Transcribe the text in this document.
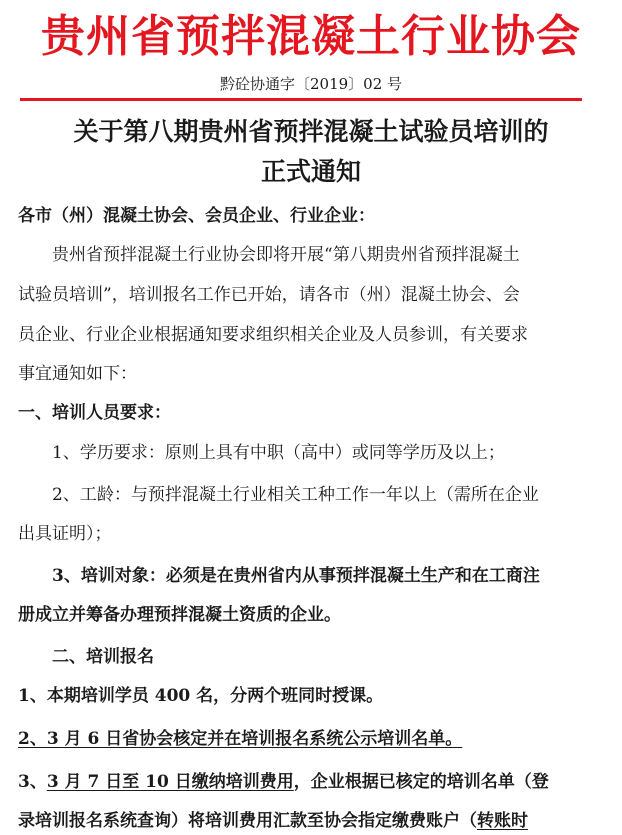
贵州省预拌混凝土行业协会
黔砼协通字〔2019〕02 号
关于第八期贵州省预拌混凝土试验员培训的
正式通知
各市（州）混凝土协会、会员企业、行业企业：
贵州省预拌混凝土行业协会即将开展“第八期贵州省预拌混凝土
试验员培训”，培训报名工作已开始，请各市（州）混凝土协会、会
员企业、行业企业根据通知要求组织相关企业及人员参训，有关要求
事宜通知如下：
一、培训人员要求：
1、学历要求：原则上具有中职（高中）或同等学历及以上；
2、工龄：与预拌混凝土行业相关工种工作一年以上（需所在企业
出具证明）；
3、培训对象：必须是在贵州省内从事预拌混凝土生产和在工商注
册成立并筹备办理预拌混凝土资质的企业。
二、培训报名
1、本期培训学员 400 名，分两个班同时授课。
2、3 月 6 日省协会核定并在培训报名系统公示培训名单。
3、3 月 7 日至 10 日缴纳培训费用，企业根据已核定的培训名单（登
录培训报名系统查询）将培训费用汇款至协会指定缴费账户（转账时
